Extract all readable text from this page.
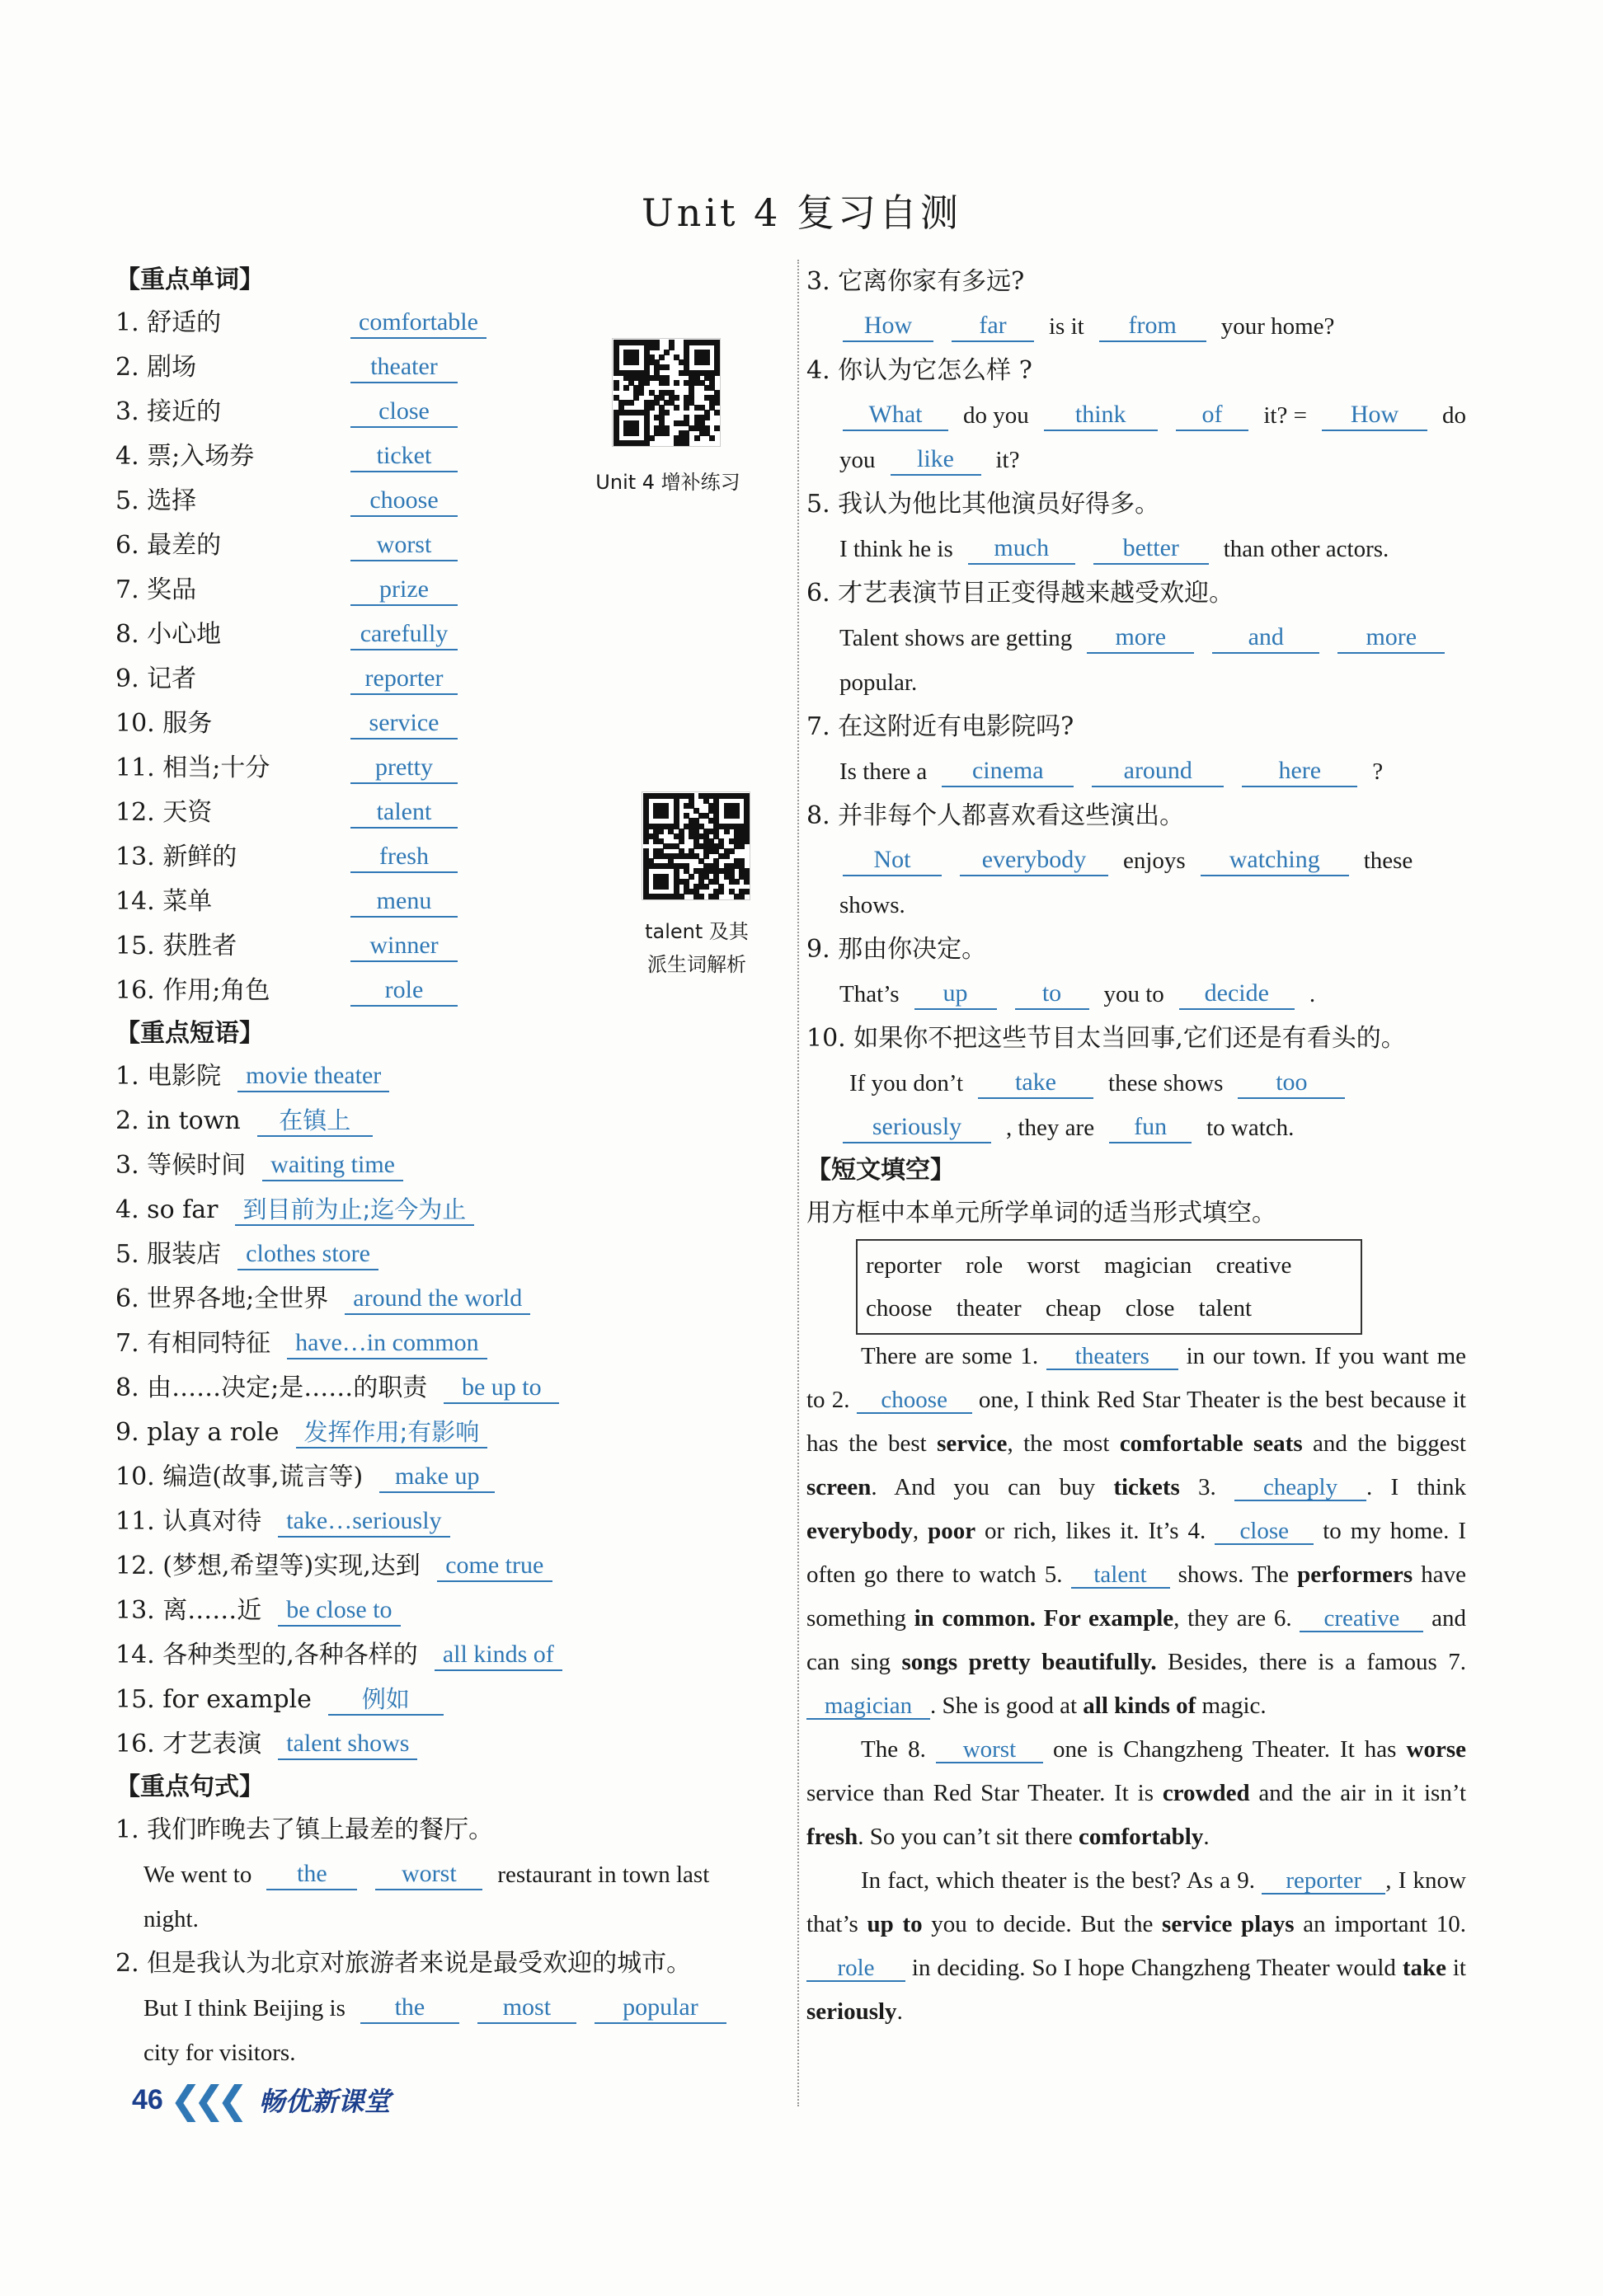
Unit 4 复习自测
【重点单词】
1. 舒适的	comfortable
2. 剧场	theater
3. 接近的	close
4. 票;入场券	ticket
5. 选择	choose
6. 最差的	worst
7. 奖品	prize
8. 小心地	carefully
9. 记者	reporter
10. 服务	service
11. 相当;十分	pretty
12. 天资	talent
13. 新鲜的	fresh
14. 菜单	menu
15. 获胜者	winner
16. 作用;角色	role
【重点短语】
1. 电影院	movie theater
2. in town	在镇上
3. 等候时间	waiting time
4. so far	到目前为止;迄今为止
5. 服装店	clothes store
6. 世界各地;全世界	around the world
7. 有相同特征	have…in common
8. 由……决定;是……的职责	be up to
9. play a role	发挥作用;有影响
10. 编造(故事,谎言等)	make up
11. 认真对待	take…seriously
12. (梦想,希望等)实现,达到	come true
13. 离……近	be close to
14. 各种类型的,各种各样的	all kinds of
15. for example	例如
16. 才艺表演	talent shows
【重点句式】
1. 我们昨晚去了镇上最差的餐厅。
We went to	the	worst	restaurant in town last
night.
2. 但是我认为北京对旅游者来说是最受欢迎的城市。
But I think Beijing is	the	most	popular
city for visitors.
Unit 4 增补练习
talent 及其
派生词解析
3. 它离你家有多远?
How	far	is it	from	your home?
4. 你认为它怎么样 ?
What	do you	think	of	it? =	How	do
you	like	it?
5. 我认为他比其他演员好得多。
I think he is	much	better	than other actors.
6. 才艺表演节目正变得越来越受欢迎。
Talent shows are getting	more	and	more
popular.
7. 在这附近有电影院吗?
Is there a	cinema	around	here	?
8. 并非每个人都喜欢看这些演出。
Not	everybody	enjoys	watching	these
shows.
9. 那由你决定。
That’s	up	to	you to	decide	.
10. 如果你不把这些节目太当回事,它们还是有看头的。
If you don’t	take	these shows	too
seriously	, they are	fun	to watch.
【短文填空】
用方框中本单元所学单词的适当形式填空。
reporter role worst magician creative
choose theater cheap close talent
There are some 1. theaters in our town. If you want me to 2. choose one, I think Red Star Theater is the best because it has the best service, the most comfortable seats and the biggest screen. And you can buy tickets 3. cheaply . I think everybody, poor or rich, likes it. It’s 4. close to my home. I often go there to watch 5. talent shows. The performers have something in common. For example, they are 6. creative and can sing songs pretty beautifully. Besides, there is a famous 7. magician . She is good at all kinds of magic.
The 8. worst one is Changzheng Theater. It has worse service than Red Star Theater. It is crowded and the air in it isn’t fresh. So you can’t sit there comfortably.
In fact, which theater is the best? As a 9. reporter , I know that’s up to you to decide. But the service plays an important 10. role in deciding. So I hope Changzheng Theater would take it seriously.
46 ❮❮❮ 畅优新课堂
